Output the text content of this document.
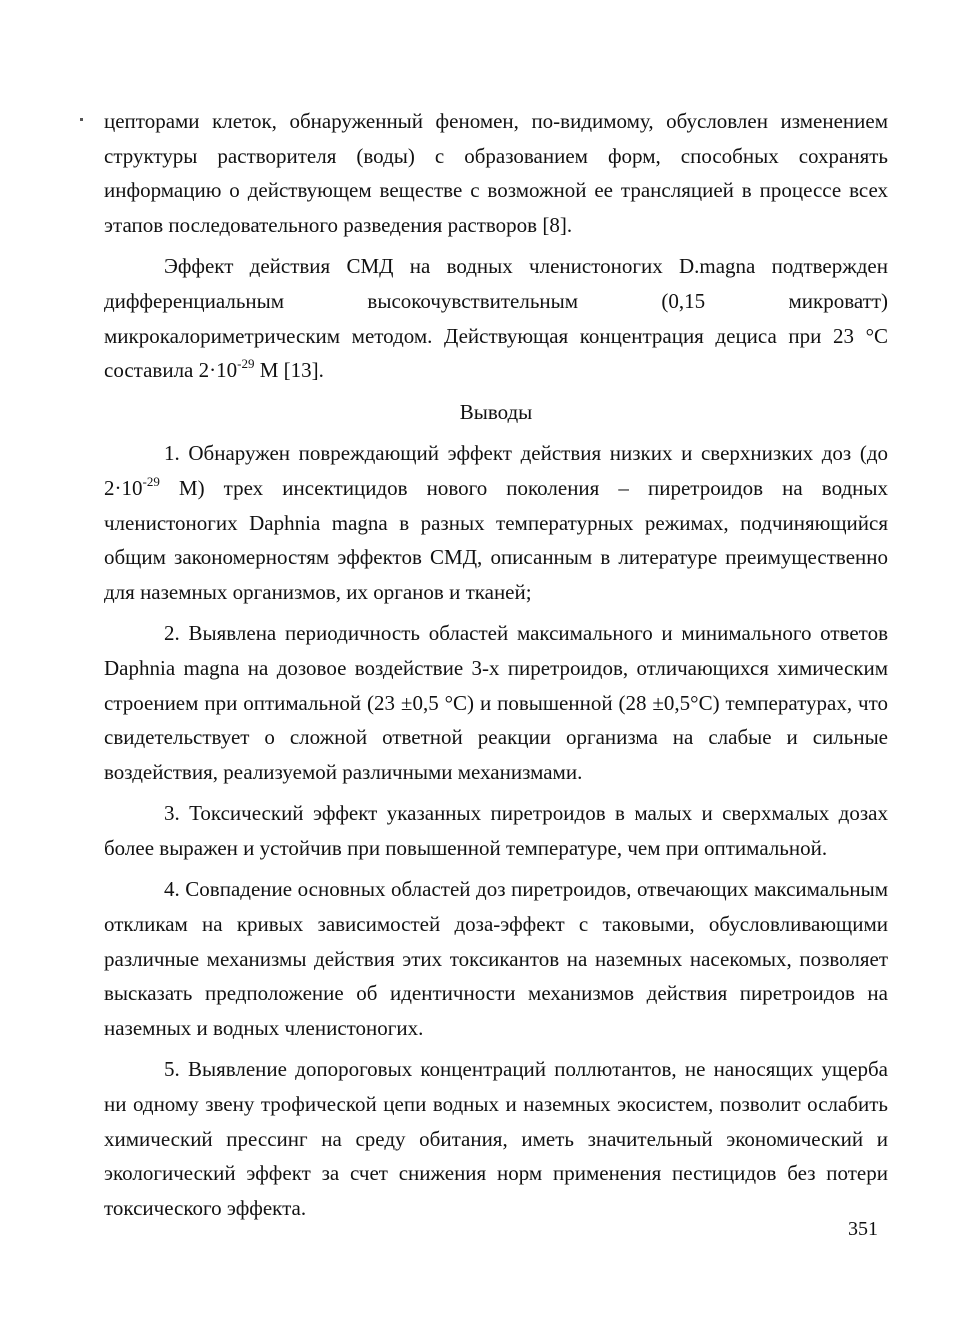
цепторами клеток, обнаруженный феномен, по-видимому, обусловлен изменением структуры растворителя (воды) с образованием форм, способных сохранять информацию о действующем веществе с возможной ее трансляцией в процессе всех этапов последовательного разведения растворов [8].

Эффект действия СМД на водных членистоногих D.magna подтвержден дифференциальным высокочувствительным (0,15 микроватт) микрокалориметрическим методом. Действующая концентрация дециса при 23 °С составила $2\cdot 10^{-29}$ М [13].

Выводы

1. Обнаружен повреждающий эффект действия низких и сверхнизких доз (до $2\cdot 10^{-29}$ М) трех инсектицидов нового поколения – пиретроидов на водных членистоногих Daphnia magna в разных температурных режимах, подчиняющийся общим закономерностям эффектов СМД, описанным в литературе преимущественно для наземных организмов, их органов и тканей;

2. Выявлена периодичность областей максимального и минимального ответов Daphnia magna на дозовое воздействие 3-х пиретроидов, отличающихся химическим строением при оптимальной (23 ±0,5 °С) и повышенной (28 ±0,5°С) температурах, что свидетельствует о сложной ответной реакции организма на слабые и сильные воздействия, реализуемой различными механизмами.

3. Токсический эффект указанных пиретроидов в малых и сверхмалых дозах более выражен и устойчив при повышенной температуре, чем при оптимальной.

4. Совпадение основных областей доз пиретроидов, отвечающих максимальным откликам на кривых зависимостей доза-эффект с таковыми, обусловливающими различные механизмы действия этих токсикантов на наземных насекомых, позволяет высказать предположение об идентичности механизмов действия пиретроидов на наземных и водных членистоногих.

5. Выявление допороговых концентраций поллютантов, не наносящих ущерба ни одному звену трофической цепи водных и наземных экосистем, позволит ослабить химический прессинг на среду обитания, иметь значительный экономический и экологический эффект за счет снижения норм применения пестицидов без потери токсического эффекта.

351
